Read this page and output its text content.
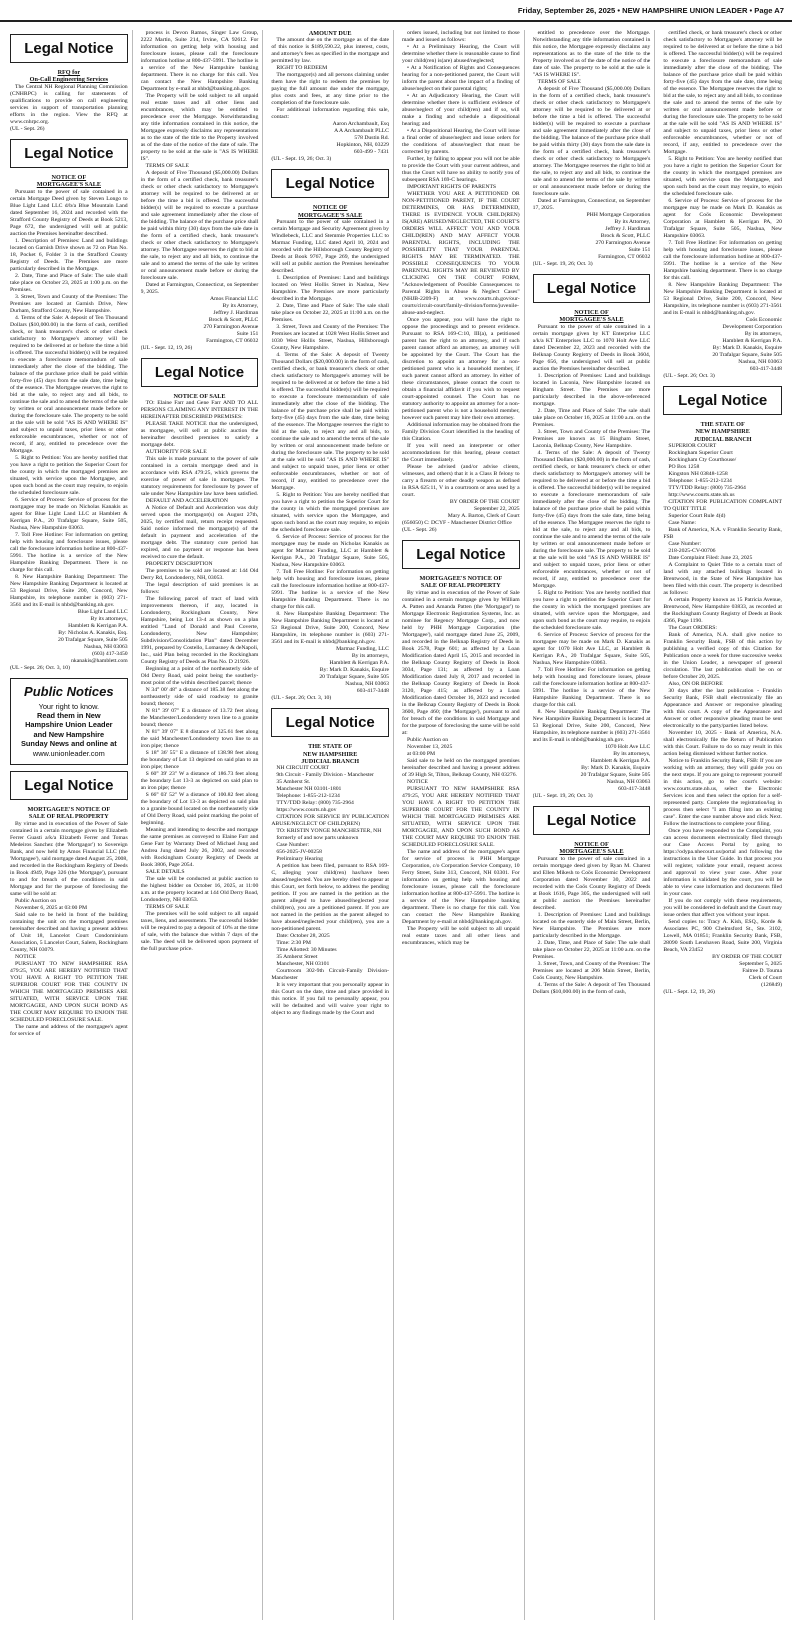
Friday, September 26, 2025 • NEW HAMPSHIRE UNION LEADER • Page A7
Legal Notice
RFQ for
On-Call Engineering Services

The Central NH Regional Planning Commission (CNHRPC) is calling for statements of qualifications to provide on call engineering services in support of transportation planning efforts in the region. View the RFQ at www.cnhrpc.org.

(UL - Sept. 26)
Legal Notice
NOTICE OF
MORTGAGEE'S SALE

Pursuant to the power of sale contained in a certain Mortgage Deed given by Steven Longo to Blue Light Land LLC d/b/a Blue Mountain Land dated September 16, 2024 and recorded with the Strafford County Registry of Deeds at Book 5213, Page 672, the undersigned will sell at public auction the Premises hereinafter described.

1. Description of Premises: Land and buildings located on Garnish Drive shown as 72 on Plan No. 18, Pocket 6, Folder 3 in the Strafford County Registry of Deeds. The Premises are more particularly described in the Mortgage.

2. Date, Time and Place of Sale: The sale shall take place on October 23, 2025 at 1:00 p.m. on the Premises.

3. Street, Town and County of the Premises: The Premises are located at Garnish Drive, New Durham, Strafford County, New Hampshire.

4. Terms of the Sale: A deposit of Ten Thousand Dollars ($10,000.00) in the form of cash, certified check, or bank treasurer's check or other check satisfactory to Mortgagee's attorney will be required to be delivered at or before the time a bid is offered. The successful bidder(s) will be required to execute a foreclosure memorandum of sale immediately after the close of the bidding. The balance of the purchase price shall be paid within forty-five (45) days from the sale date, time being of the essence. The Mortgagee reserves the right to bid at the sale, to reject any and all bids, to continue the sale and to amend the terms of the sale by written or oral announcement made before or during the foreclosure sale. The property to be sold at the sale will be sold "AS IS AND WHERE IS" and subject to unpaid taxes, prior liens or other enforceable encumbrances, whether or not of record, if any, entitled to precedence over the Mortgage.

5. Right to Petition: You are hereby notified that you have a right to petition the Superior Court for the county in which the mortgaged premises are situated, with service upon the Mortgagee, and upon such bond as the court may require, to enjoin the scheduled foreclosure sale.

6. Service of Process: Service of process for the mortgagee may be made on Nicholas Kanakis as agent for Blue Light Land LLC at Hamblett & Kerrigan P.A., 20 Trafalgar Square, Suite 505, Nashua, New Hampshire 03063.

7. Toll Free Hotline: For information on getting help with housing and foreclosure issues, please call the foreclosure information hotline at 800-437-5991. The hotline is a service of the New Hampshire Banking Department. There is no charge for this call.

8. New Hampshire Banking Department: The New Hampshire Banking Department is located at 53 Regional Drive, Suite 200, Concord, New Hampshire, its telephone number is (603) 271-3561 and its E-mail is nhbd@banking.nh.gov.

Blue Light Land LLC
By its attorneys,
Hamblett & Kerrigan P.A.
By: Nicholas A. Kanakis, Esq.
20 Trafalgar Square, Suite 505
Nashua, NH 03063
(603) 417-3450
nkanakis@hamblett.com
(UL - Sept. 26; Oct. 3, 10)
Public Notices
Your right to know.
Read them in New
Hampshire Union Leader
and New Hampshire
Sunday News and online at
www.unionleader.com
Legal Notice
MORTGAGEE'S NOTICE OF
SALE OF REAL PROPERTY

By virtue and in execution of the Power of Sale contained in a certain mortgage given by Elizabeth Ferrer Guasti a/k/a Elizabeth Ferrer and Tomas Medeiros Sanchez (the 'Mortgagor') to Sovereign Bank, and now held by Amos Financial LLC (the 'Mortgagee'), said mortgage dated August 25, 2008, and recorded in the Rockingham Registry of Deeds in Book 4949, Page 326 (the 'Mortgage'), pursuant to and for breach of the conditions in said Mortgage and for the purpose of foreclosing the same will be sold at:

Public Auction on

November 6, 2025 at 03:00 PM

Said sale to be held in front of the building containing the unit on the mortgaged premises hereinafter described and having a present address of Unit 18, Lancelot Court Condominium Association, 5 Lancelot Court, Salem, Rockingham County, NH 03079.

NOTICE

PURSUANT TO NEW HAMPSHIRE RSA 479:25, YOU ARE HEREBY NOTIFIED THAT YOU HAVE A RIGHT TO PETITION THE SUPERIOR COURT FOR THE COUNTY IN WHICH THE MORTGAGED PREMISES ARE SITUATED, WITH SERVICE UPON THE MORTGAGEE, AND UPON SUCH BOND AS THE COURT MAY REQUIRE TO ENJOIN THE SCHEDULED FORECLOSURE SALE.

The name and address of the mortgagee's agent for service of

process is Devon Ramos, Singer Law Group, 2222 Martin, Suite 214, Irvine, CA 92612. For information on getting help with housing and foreclosure issues, please call the foreclosure information hotline at 800-437-5991. The hotline is a service of the New Hampshire banking department. There is no charge for this call. You can contact the New Hampshire Banking Department by e-mail at nhbd@banking.nh.gov.

The Property will be sold subject to all unpaid real estate taxes and all other liens and encumbrances, which may be entitled to precedence over the Mortgage. Notwithstanding any title information contained in this notice, the Mortgagee expressly disclaims any representations as to the state of the title to the Property involved as of the date of the notice of the date of sale. The property to be sold at the sale is "AS IS WHERE IS".

TERMS OF SALE

A deposit of Five Thousand ($5,000.00) Dollars in the form of a certified check, bank treasurer's check or other check satisfactory to Mortgagee's attorney will be required to be delivered at or before the time a bid is offered. The successful bidder(s) will be required to execute a purchase and sale agreement immediately after the close of the bidding. The balance of the purchase price shall be paid within thirty (30) days from the sale date in the form of a certified check, bank treasurer's check or other check satisfactory to Mortgagee's attorney. The Mortgagee reserves the right to bid at the sale, to reject any and all bids, to continue the sale and to amend the terms of the sale by written or oral announcement made before or during the foreclosure sale.

Dated at Farmington, Connecticut, on September 9, 2025.

Amos Financial LLC
By its Attorney,
Jeffrey J. Hardiman
Brock & Scott, PLLC
270 Farmington Avenue
Suite 151
Farmington, CT 06032
(UL - Sept. 12, 19, 26)
Legal Notice
NOTICE OF SALE

TO: Elaine Farr and Gene Farr AND TO ALL PERSONS CLAIMING ANY INTEREST IN THE HEREINAFTER DESCRIBED PREMISES:

PLEASE TAKE NOTICE that the undersigned, as mortgagee, will sell at public auction the hereinafter described premises to satisfy a mortgage debt.

AUTHORITY FOR SALE

This sale is made pursuant to the power of sale contained in a certain mortgage deed and in accordance with RSA 479:25, which governs the exercise of power of sale in mortgages. The statutory requirements for foreclosure by power of sale under New Hampshire law have been satisfied.

DEFAULT AND ACCELERATION

A Notice of Default and Acceleration was duly served upon the mortgagor(s) on August 27th, 2025, by certified mail, return receipt requested. Said notice informed the mortgagor(s) of the default in payment and acceleration of the mortgage debt. The statutory cure period has expired, and no payment or response has been received to cure the default.

PROPERTY DESCRIPTION

The premises to be sold are located at: 144 Old Derry Rd, Londonderry, NH, 03053.

The legal description of said premises is as follows:

The following parcel of tract of land with improvements thereon, if any, located in Londonderry, Rockingham County, New Hampshire, being Lot 13-4 as shown on a plan entitled "Land of Donald and Paul Coverte, Londonderry, New Hampshire; Subdivision/Consolidation Plan" dated December 1991, prepared by Costello, Lomasney & deNapoli, Inc., said Plan being recorded in the Rockingham County Registry of Deeds as Plan No. D 21926.

Beginning at a point of the northeasterly side of Old Derry Road, said point being the southerly-most point of the within described parcel; thence

N 34° 00' 48" a distance of 185.38 feet along the northeasterly side of said roadway to granite bound; thence;

N 81° 39' 07" E a distance of 13.72 feet along the Manchester/Londonderry town line to a granite bound; thence

N 81° 39' 07" E 8 distance of 325.61 feet along the said Manchester/Londonderry town line to an iron pipe; thence

S 18° 36' 55" E a distance of 138.98 feet along the boundary of Lot 13 depicted on said plan to an iron pipe; thence

S 60° 39' 23" W a distance of 186.73 feet along the boundary Lot 13-3 as depicted on said plan to an iron pipe; thence

S 66° 03' 52" W a distance of 100.82 feet along the boundary of Lot 13-3 as depicted on said plan to a granite bound located on the northeasterly side of Old Derry Road, said point marking the point of beginning.

Meaning and intending to describe and mortgage the same premises as conveyed to Elaine Farr and Gene Farr by Warranty Deed of Michael Jung and Andrea Jung dated July 26, 2002, and recorded with Rockingham County Registry of Deeds at Book 3806, Page 2054.

SALE DETAILS

The sale will be conducted at public auction to the highest bidder on October 16, 2025, at 11:00 a.m. at the property located at 144 Old Derry Road, Londonderry, NH 03053.

TERMS OF SALE

The premises will be sold subject to all unpaid taxes, liens, and assessments. The successful bidder will be required to pay a deposit of 10% at the time of sale, with the balance due within 7 days of the sale. The deed will be delivered upon payment of the full purchase price.

AMOUNT DUE

The amount due on the mortgage as of the date of this notice is $189,590.22, plus interest, costs, and attorney's fees as specified in the mortgage and permitted by law.

RIGHT TO REDEEM

The mortgagor(s) and all persons claiming under them have the right to redeem the premises by paying the full amount due under the mortgage, plus costs and fees, at any time prior to the completion of the foreclosure sale.

For additional information regarding this sale, contact:

Aaron Archambault, Esq
A A Archambault PLLC
578 Dustin Rd.
Hopkinton, NH, 03229
603-499 - 7431
(UL - Sept. 19, 26; Oct. 3)
Legal Notice
NOTICE OF
MORTGAGEE'S SALE

Pursuant to the power of sale contained in a certain Mortgage and Security Agreement given by Windlebeck, LLC and Stemmie Properties LLC to Marmac Funding, LLC dated April 10, 2024 and recorded with the Hillsborough County Registry of Deeds at Book 9767, Page 269, the undersigned will sell at public auction the Premises hereinafter described.

1. Description of Premises: Land and buildings located on West Hollis Street in Nashua, New Hampshire. The Premises are more particularly described in the Mortgage.

2. Date, Time and Place of Sale: The sale shall take place on October 22, 2025 at 11:00 a.m. on the Premises.

3. Street, Town and County of the Premises: The Premises are located at 1028 West Hollis Street and 1030 West Hollis Street, Nashua, Hillsborough County, New Hampshire.

4. Terms of the Sale: A deposit of Twenty Thousand Dollars ($20,000.00) in the form of cash, certified check, or bank treasurer's check or other check satisfactory to Mortgagee's attorney will be required to be delivered at or before the time a bid is offered. The successful bidder(s) will be required to execute a foreclosure memorandum of sale immediately after the close of the bidding. The balance of the purchase price shall be paid within forty-five (45) days from the sale date, time being of the essence. The Mortgagee reserves the right to bid at the sale, to reject any and all bids, to continue the sale and to amend the terms of the sale by written or oral announcement made before or during the foreclosure sale. The property to be sold at the sale will be sold "AS IS AND WHERE IS" and subject to unpaid taxes, prior liens or other enforceable encumbrances, whether or not of record, if any, entitled to precedence over the Mortgage.

5. Right to Petition: You are hereby notified that you have a right to petition the Superior Court for the county in which the mortgaged premises are situated, with service upon the Mortgagee, and upon such bond as the court may require, to enjoin the scheduled foreclosure sale.

6. Service of Process: Service of process for the mortgagee may be made on Nicholas Kanakis as agent for Marmac Funding, LLC at Hamblett & Kerrigan P.A., 20 Trafalgar Square, Suite 505, Nashua, New Hampshire 03063.

7. Toll Free Hotline: For information on getting help with housing and foreclosure issues, please call the foreclosure information hotline at 800-437-5991. The hotline is a service of the New Hampshire Banking Department. There is no charge for this call.

8. New Hampshire Banking Department: The New Hampshire Banking Department is located at 53 Regional Drive, Suite 200, Concord, New Hampshire, its telephone number is (603) 271-3561 and its E-mail is nhbd@banking.nh.gov.

Marmac Funding, LLC
By its attorneys,
Hamblett & Kerrigan P.A.
By: Mark D. Kanakis, Esquire
20 Trafalgar Square, Suite 505
Nashua, NH 03063
603-417-3448
(UL - Sept. 26; Oct. 3, 10)
Legal Notice
THE STATE OF
NEW HAMPSHIRE
JUDICIAL BRANCH

NH CIRCUIT COURT

9th Circuit - Family Division - Manchester

35 Amherst St.

Manchester NH 03101-1801

Telephone: 1-855-212-1234

TTY/TDD Relay: (800) 735-2964

https://www.courts.nh.gov

CITATION FOR SERVICE BY PUBLICATION ABUSE/NEGLECT OF CHILD(REN)

TO: KRISTIN YONGE MANCHESTER, NH

formerly of and now parts unknown

Case Number:

656-2025-JV-00258

Preliminary Hearing

A petition has been filed, pursuant to RSA 169-C, alleging your child(ren) has/have been abused/neglected. You are hereby cited to appear at this Court, set forth below, to address the pending petition. If you are named in the petition as the parent alleged to have abused/neglected your child(ren), you are a petitioned parent. If you are not named in the petition as the parent alleged to have abused/neglected your child(ren), you are a non-petitioned parent.

Date: October 28, 2025

Time: 2:30 PM

Time Allotted: 30 Minutes

35 Amherst Street

Manchester, NH 03101

Courtroom 302-9th Circuit-Family Division-Manchester

It is very important that you personally appear in this Court on the date, time and place provided in this notice. If you fail to personally appear, you will be defaulted and will waive your right to object to any findings made by the Court and

orders issued, including but not limited to those made and issued as follows:

• At a Preliminary Hearing, the Court will determine whether there is reasonable cause to find your child(ren) is(are) abused/neglected;

• At a Notification of Rights and Consequences hearing for a non-petitioned parent, the Court will inform the parent about the impact of a finding of abuse/neglect on their parental rights;

• At an Adjudicatory Hearing, the Court will determine whether there is sufficient evidence of abuse/neglect of your child(ren) and if so, will make a finding and schedule a dispositional hearing; and

• At a Dispositional Hearing, the Court will issue a final order of abuse/neglect and issue orders for the conditions of abuse/neglect that must be corrected by parents.

Further, by failing to appear you will not be able to provide the Court with your current address, and thus the Court will have no ability to notify you of subsequent RSA 169-C hearings.

IMPORTANT RIGHTS OF PARENTS

WHETHER YOU ARE A PETITIONED OR NON-PETITIONED PARENT, IF THE COURT DETERMINES, OR HAS DETERMINED, THERE IS EVIDENCE YOUR CHILD(REN) IS(ARE) ABUSED/NEGLECTED, THE COURT'S ORDERS WILL AFFECT YOU AND YOUR CHILD(REN) AND MAY AFFECT YOUR PARENTAL RIGHTS, INCLUDING THE POSSIBILITY THAT YOUR PARENTAL RIGHTS MAY BE TERMINATED. THE POSSIBLE CONSEQUENCES TO YOUR PARENTAL RIGHTS MAY BE REVIEWED BY CLICKING ON THE COURT FORM, "Acknowledgement of Possible Consequences to Parental Rights in Abuse & Neglect Cases" (NHJB-2209-F) at www.courts.nh.gov/our-courts/circuit-court/family-division/forms/juvenile-abuse-and-neglect.

Once you appear, you will have the right to oppose the proceedings and to present evidence. Pursuant to RSA 169-C:10, III(a), a petitioned parent has the right to an attorney, and if such parent cannot afford an attorney, an attorney will be appointed by the Court. The Court has the discretion to appoint an attorney for a non-petitioned parent who is a household member, if such parent cannot afford an attorney. In either of these circumstances, please contact the court to obtain a financial affidavit if you wish to request court-appointed counsel. The Court has no statutory authority to appoint an attorney for a non-petitioned parent who is not a household member, however such parent may hire their own attorney.

Additional information may be obtained from the Family Division Court identified in the heading of this Citation.

If you will need an interpreter or other accommodations for this hearing, please contact the Court immediately.

Please be advised (and/or advise clients, witnesses, and others) that it is a Class B felony to carry a firearm or other deadly weapon as defined in RSA 625:11, V in a courtroom or area used by a court.

BY ORDER OF THE COURT
September 22, 2025
Mary A. Barton, Clerk of Court
(656050) C: DCYF - Manchester District Office (UL - Sept. 26)
Legal Notice
MORTGAGEE'S NOTICE OF
SALE OF REAL PROPERTY

By virtue and in execution of the Power of Sale contained in a certain mortgage given by William A. Patten and Amanda Patten (the 'Mortgagor') to Mortgage Electronic Registration Systems, Inc. as nominee for Regency Mortgage Corp., and now held by PHH Mortgage Corporation (the 'Mortgagee'), said mortgage dated June 25, 2009, and recorded in the Belknap Registry of Deeds in Book 2578, Page 601; as affected by a Loan Modification dated April 15, 2015 and recorded in the Belknap County Registry of Deeds in Book 3034, Page 131; as affected by a Loan Modification dated July 8, 2017 and recorded in the Belknap County Registry of Deeds in Book 3120, Page 415; as affected by a Loan Modification dated October 16, 2023 and recorded in the Belknap County Registry of Deeds in Book 3600, Page 460; (the 'Mortgage'), pursuant to and for breach of the conditions in said Mortgage and for the purpose of foreclosing the same will be sold at:

Public Auction on

November 13, 2025

at 03:00 PM

Said sale to be held on the mortgaged premises hereinafter described and having a present address of 39 High St, Tilton, Belknap County, NH 03276.

NOTICE

PURSUANT TO NEW HAMPSHIRE RSA 479:25, YOU ARE HEREBY NOTIFIED THAT YOU HAVE A RIGHT TO PETITION THE SUPERIOR COURT FOR THE COUNTY IN WHICH THE MORTGAGED PREMISES ARE SITUATED, WITH SERVICE UPON THE MORTGAGEE, AND UPON SUCH BOND AS THE COURT MAY REQUIRE TO ENJOIN THE SCHEDULED FORECLOSURE SALE.

The name and address of the mortgagee's agent for service of process is PHH Mortgage Corporation, c/o Corporation Service Company, 10 Ferry Street, Suite 313, Concord, NH 03301. For information on getting help with housing and foreclosure issues, please call the foreclosure information hotline at 800-437-5991. The hotline is a service of the New Hampshire banking department. There is no charge for this call. You can contact the New Hampshire Banking Department by e-mail at nhbd@banking.nh.gov.

The Property will be sold subject to all unpaid real estate taxes and all other liens and encumbrances, which may be

entitled to precedence over the Mortgage. Notwithstanding any title information contained in this notice, the Mortgagee expressly disclaims any representations as to the state of the title to the Property involved as of the date of the notice of the date of sale. The property to be sold at the sale is "AS IS WHERE IS".

TERMS OF SALE

A deposit of Five Thousand ($5,000.00) Dollars in the form of a certified check, bank treasurer's check or other check satisfactory to Mortgagee's attorney will be required to be delivered at or before the time a bid is offered. The successful bidder(s) will be required to execute a purchase and sale agreement immediately after the close of the bidding. The balance of the purchase price shall be paid within thirty (30) days from the sale date in the form of a certified check, bank treasurer's check or other check satisfactory to Mortgagee's attorney. The Mortgagee reserves the right to bid at the sale, to reject any and all bids, to continue the sale and to amend the terms of the sale by written or oral announcement made before or during the foreclosure sale.

Dated at Farmington, Connecticut, on September 17, 2025.

PHH Mortgage Corporation
By its Attorney,
Jeffrey J. Hardiman
Brock & Scott, PLLC
270 Farmington Avenue
Suite 151
Farmington, CT 06032
(UL - Sept. 19, 26; Oct. 3)
Legal Notice
NOTICE OF
MORTGAGEE'S SALE

Pursuant to the power of sale contained in a certain mortgage given by KT Enterprise LLC a/k/a KT Enterprises LLC to 1070 Holt Ave LLC dated December 22, 2023 and recorded with the Belknap County Registry of Deeds in Book 3604, Page 656, the undersigned will sell at public auction the Premises hereinafter described.

1. Description of Premises: Land and buildings located in Laconia, New Hampshire located on Bingham Street. The Premises are more particularly described in the above-referenced mortgage.

2. Date, Time and Place of Sale: The sale shall take place on October 16, 2025 at 11:00 a.m. on the Premises.

3. Street, Town and County of the Premises: The Premises are known as 15 Bingham Street, Laconia, Belknap County, New Hampshire.

4. Terms of the Sale: A deposit of Twenty Thousand Dollars ($20,000.00) in the form of cash, certified check, or bank treasurer's check or other check satisfactory to Mortgagee's attorney will be required to be delivered at or before the time a bid is offered. The successful bidder(s) will be required to execute a foreclosure memorandum of sale immediately after the close of the bidding. The balance of the purchase price shall be paid within forty-five (45) days from the sale date, time being of the essence. The Mortgagee reserves the right to bid at the sale, to reject any and all bids, to continue the sale and to amend the terms of the sale by written or oral announcement made before or during the foreclosure sale. The property to be sold at the sale will be sold "AS IS AND WHERE IS" and subject to unpaid taxes, prior liens or other enforceable encumbrances, whether or not of record, if any, entitled to precedence over the Mortgage.

5. Right to Petition: You are hereby notified that you have a right to petition the Superior Court for the county in which the mortgaged premises are situated, with service upon the Mortgagee, and upon such bond as the court may require, to enjoin the scheduled foreclosure sale.

6. Service of Process: Service of process for the mortgagee may be made on Mark D. Kanakis as agent for 1070 Holt Ave LLC, at Hamblett & Kerrigan P.A., 20 Trafalgar Square, Suite 505, Nashua, New Hampshire 03063.

7. Toll Free Hotline: For information on getting help with housing and foreclosure issues, please call the foreclosure information hotline at 800-437-5991. The hotline is a service of the New Hampshire Banking Department. There is no charge for this call.

8. New Hampshire Banking Department: The New Hampshire Banking Department is located at 53 Regional Drive, Suite 200, Concord, New Hampshire, its telephone number is (603) 271-3561 and its E-mail is nhbd@banking.nh.gov.

1070 Holt Ave LLC
By its attorneys,
Hamblett & Kerrigan P.A.
By: Mark D. Kanakis, Esquire
20 Trafalgar Square, Suite 505
Nashua, NH 03063
603-417-3448
(UL - Sept. 19, 26; Oct. 3)
Legal Notice
NOTICE OF
MORTGAGEE'S SALE

Pursuant to the power of sale contained in a certain mortgage deed given by Ryan M. Charest and Ellen Mikesh to Coös Economic Development Corporation dated November 30, 2022 and recorded with the Coös County Registry of Deeds at Book 1616, Page 305, the undersigned will sell at public auction the Premises hereinafter described.

1. Description of Premises: Land and buildings located on the easterly side of Main Street, Berlin, New Hampshire. The Premises are more particularly described in the Mortgage.

2. Date, Time, and Place of Sale: The sale shall take place on October 22, 2025 at 11:00 a.m. on the Premises.

3. Street, Town, and County of the Premises: The Premises are located at 206 Main Street, Berlin, Coös County, New Hampshire.

4. Terms of the Sale: A deposit of Ten Thousand Dollars ($10,000.00) in the form of cash,

certified check, or bank treasurer's check or other check satisfactory to Mortgagee's attorney will be required to be delivered at or before the time a bid is offered. The successful bidder(s) will be required to execute a foreclosure memorandum of sale immediately after the close of the bidding. The balance of the purchase price shall be paid within forty-five (45) days from the sale date, time being of the essence. The Mortgagee reserves the right to bid at the sale, to reject any and all bids, to continue the sale and to amend the terms of the sale by written or oral announcement made before or during the foreclosure sale. The property to be sold at the sale will be sold "AS IS AND WHERE IS" and subject to unpaid taxes, prior liens or other enforceable encumbrances, whether or not of record, if any, entitled to precedence over the Mortgage.

5. Right to Petition: You are hereby notified that you have a right to petition the Superior Court for the county in which the mortgaged premises are situated, with service upon the Mortgagee, and upon such bond as the court may require, to enjoin the scheduled foreclosure sale.

6. Service of Process: Service of process for the mortgagee may be made on Mark D. Kanakis as agent for Coös Economic Development Corporation at Hamblett & Kerrigan PA, 20 Trafalgar Square, Suite 505, Nashua, New Hampshire 03063.

7. Toll Free Hotline: For information on getting help with housing and foreclosure issues, please call the foreclosure information hotline at 800-437-5991. The hotline is a service of the New Hampshire banking department. There is no charge for this call.

8. New Hampshire Banking Department: The New Hampshire Banking Department is located at 53 Regional Drive, Suite 200, Concord, New Hampshire, its telephone number is (603) 271-3561 and its E-mail is nhbd@banking.nh.gov.

Coös Economic
Development Corporation
By its attorneys,
Hamblett & Kerrigan P.A.
By: Mark D. Kanakis, Esquire
20 Trafalgar Square, Suite 505
Nashua, NH 03063
603-417-3448
(UL - Sept. 26; Oct. 3)
Legal Notice
THE STATE OF
NEW HAMPSHIRE
JUDICIAL BRANCH

SUPERIOR COURT

Rockingham Superior Court

Rockingham Cty Courthouse/

PO Box 1258

Kingston NH 03848-1258

Telephone: 1-855-212-1234

TTY/TDD Relay: (800) 735-2964

http://www.courts.state.nh.us

CITATION FOR PUBLICATION COMPLAINT TO QUIET TITLE

Superior Court Rule 4(d)

Case Name:

Bank of America, N.A. v Franklin Security Bank, FSB

Case Number:

218-2025-CV-00706

Date Complaint Filed: June 23, 2025

A Complaint to Quiet Title to a certain tract of land with any attached buildings located in Brentwood, in the State of New Hampshire has been filed with this court. The property is described as follows:

A certain Property known as 15 Patricia Avenue, Brentwood, New Hampshire 03833, as recorded at the Rockingham County Registry of Deeds at Book 4366, Page 1190.

The Court ORDERS:

Bank of America, N.A. shall give notice to Franklin Security Bank, FSB of this action by publishing a verified copy of this Citation for Publication once a week for three successive weeks in the Union Leader, a newspaper of general circulation. The last publication shall be on or before October 20, 2025.

Also, ON OR BEFORE

30 days after the last publication - Franklin Security Bank, FSB shall electronically file an Appearance and Answer or responsive pleading with this court. A copy of the Appearance and Answer or other responsive pleading must be sent electronically to the party/parties listed below.

November 10, 2025 - Bank of America, N.A. shall electronically file the Return of Publication with this Court. Failure to do so may result in this action being dismissed without further notice.

Notice to Franklin Security Bank, FSB: If you are working with an attorney, they will guide you on the next steps. If you are going to represent yourself in this action, go to the court's website: www.courts.state.nh.us, select the Electronic Services icon and then select the option for a self-represented party. Complete the registration/log in process then select "I am filing into an existing case". Enter the case number above and click Next. Follow the instructions to complete your filing.

Once you have responded to the Complaint, you can access documents electronically filed through our Case Access Portal by going to https://odypa.nhecourt.us/portal and following the instructions in the User Guide. In that process you will register, validate your email, request access and approval to view your case. After your information is validated by the court, you will be able to view case information and documents filed in your case.

If you do not comply with these requirements, you will be considered in default and the Court may issue orders that affect you without your input.

Send copies to: Tracy A. Kish, ESQ., Korde & Associates PC, 900 Chelmsford St., Ste. 3102, Lowell, MA 01851; Franklin Security Bank, FSB, 28090 South Lenshaven Road, Suite 200, Virginia Beach, VA 23452

BY ORDER OF THE COURT
September 5, 2025
Faitree D. Touma
Clerk of Court
(126849)
(UL - Sept. 12, 19, 26)
